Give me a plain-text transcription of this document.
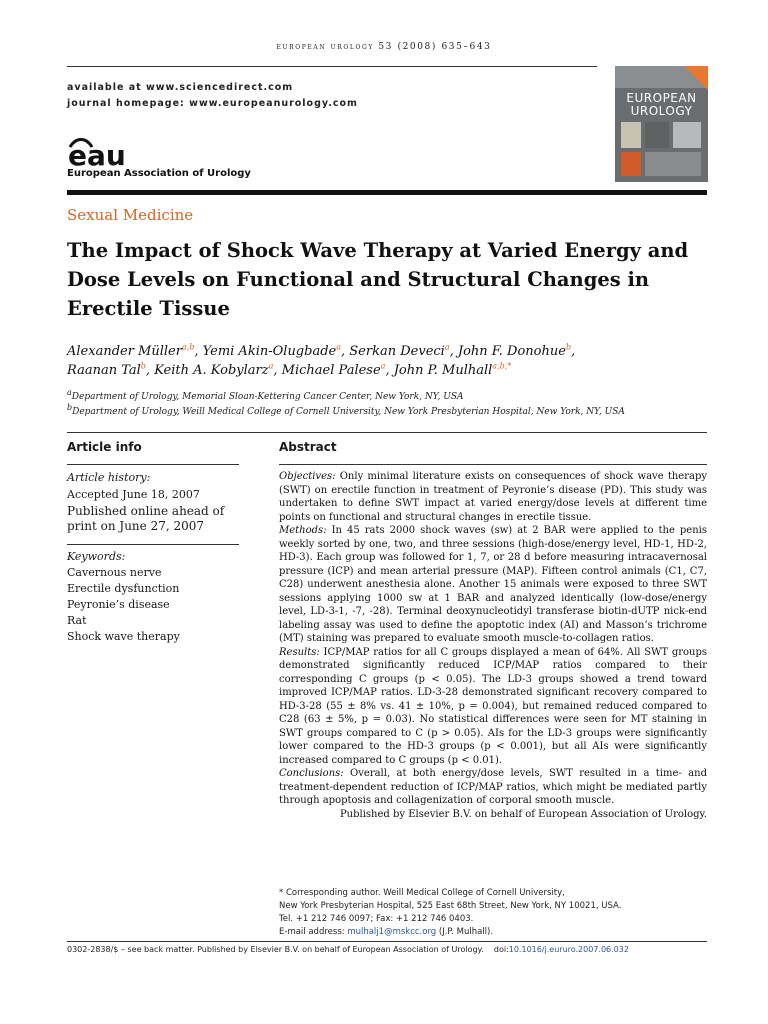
european urology 53 (2008) 635–643
available at www.sciencedirect.com
journal homepage: www.europeanurology.com
eau
European Association of Urology
EUROPEAN
UROLOGY
Sexual Medicine
The Impact of Shock Wave Therapy at Varied Energy and Dose Levels on Functional and Structural Changes in Erectile Tissue
Alexander Müller$^{a,b}$, Yemi Akin-Olugbade$^a$, Serkan Deveci$^a$, John F. Donohue$^b$,
Raanan Tal$^b$, Keith A. Kobylarz$^a$, Michael Palese$^a$, John P. Mulhall$^{a,b,*}$
aDepartment of Urology, Memorial Sloan-Kettering Cancer Center, New York, NY, USA
bDepartment of Urology, Weill Medical College of Cornell University, New York Presbyterian Hospital, New York, NY, USA
Article info	Abstract
Article history:
Accepted June 18, 2007
Published online ahead of print on June 27, 2007
Keywords:
Cavernous nerve
Erectile dysfunction
Peyronie’s disease
Rat
Shock wave therapy

Objectives: Only minimal literature exists on consequences of shock wave therapy (SWT) on erectile function in treatment of Peyronie’s disease (PD). This study was undertaken to define SWT impact at varied energy/dose levels at different time points on functional and structural changes in erectile tissue.

Methods: In 45 rats 2000 shock waves (sw) at 2 BAR were applied to the penis weekly sorted by one, two, and three sessions (high-dose/energy level, HD-1, HD-2, HD-3). Each group was followed for 1, 7, or 28 d before measuring intracavernosal pressure (ICP) and mean arterial pressure (MAP). Fifteen control animals (C1, C7, C28) underwent anesthesia alone. Another 15 animals were exposed to three SWT sessions applying 1000 sw at 1 BAR and analyzed identically (low-dose/energy level, LD-3-1, -7, -28). Terminal deoxynucleotidyl transferase biotin-dUTP nick-end labeling assay was used to define the apoptotic index (AI) and Masson’s trichrome (MT) staining was prepared to evaluate smooth muscle-to-collagen ratios.

Results: ICP/MAP ratios for all C groups displayed a mean of 64%. All SWT groups demonstrated significantly reduced ICP/MAP ratios compared to their corresponding C groups (p < 0.05). The LD-3 groups showed a trend toward improved ICP/MAP ratios. LD-3-28 demonstrated significant recovery compared to HD-3-28 (55 ± 8% vs. 41 ± 10%, p = 0.004), but remained reduced compared to C28 (63 ± 5%, p = 0.03). No statistical differences were seen for MT staining in SWT groups compared to C (p > 0.05). AIs for the LD-3 groups were significantly lower compared to the HD-3 groups (p < 0.001), but all AIs were significantly increased compared to C groups (p < 0.01).

Conclusions: Overall, at both energy/dose levels, SWT resulted in a time- and treatment-dependent reduction of ICP/MAP ratios, which might be mediated partly through apoptosis and collagenization of corporal smooth muscle.

Published by Elsevier B.V. on behalf of European Association of Urology.

* Corresponding author. Weill Medical College of Cornell University,
New York Presbyterian Hospital, 525 East 68th Street, New York, NY 10021, USA.
Tel. +1 212 746 0097; Fax: +1 212 746 0403.
E-mail address: mulhalj1@mskcc.org (J.P. Mulhall).
0302-2838/$ – see back matter. Published by Elsevier B.V. on behalf of European Association of Urology. doi:10.1016/j.eururo.2007.06.032
